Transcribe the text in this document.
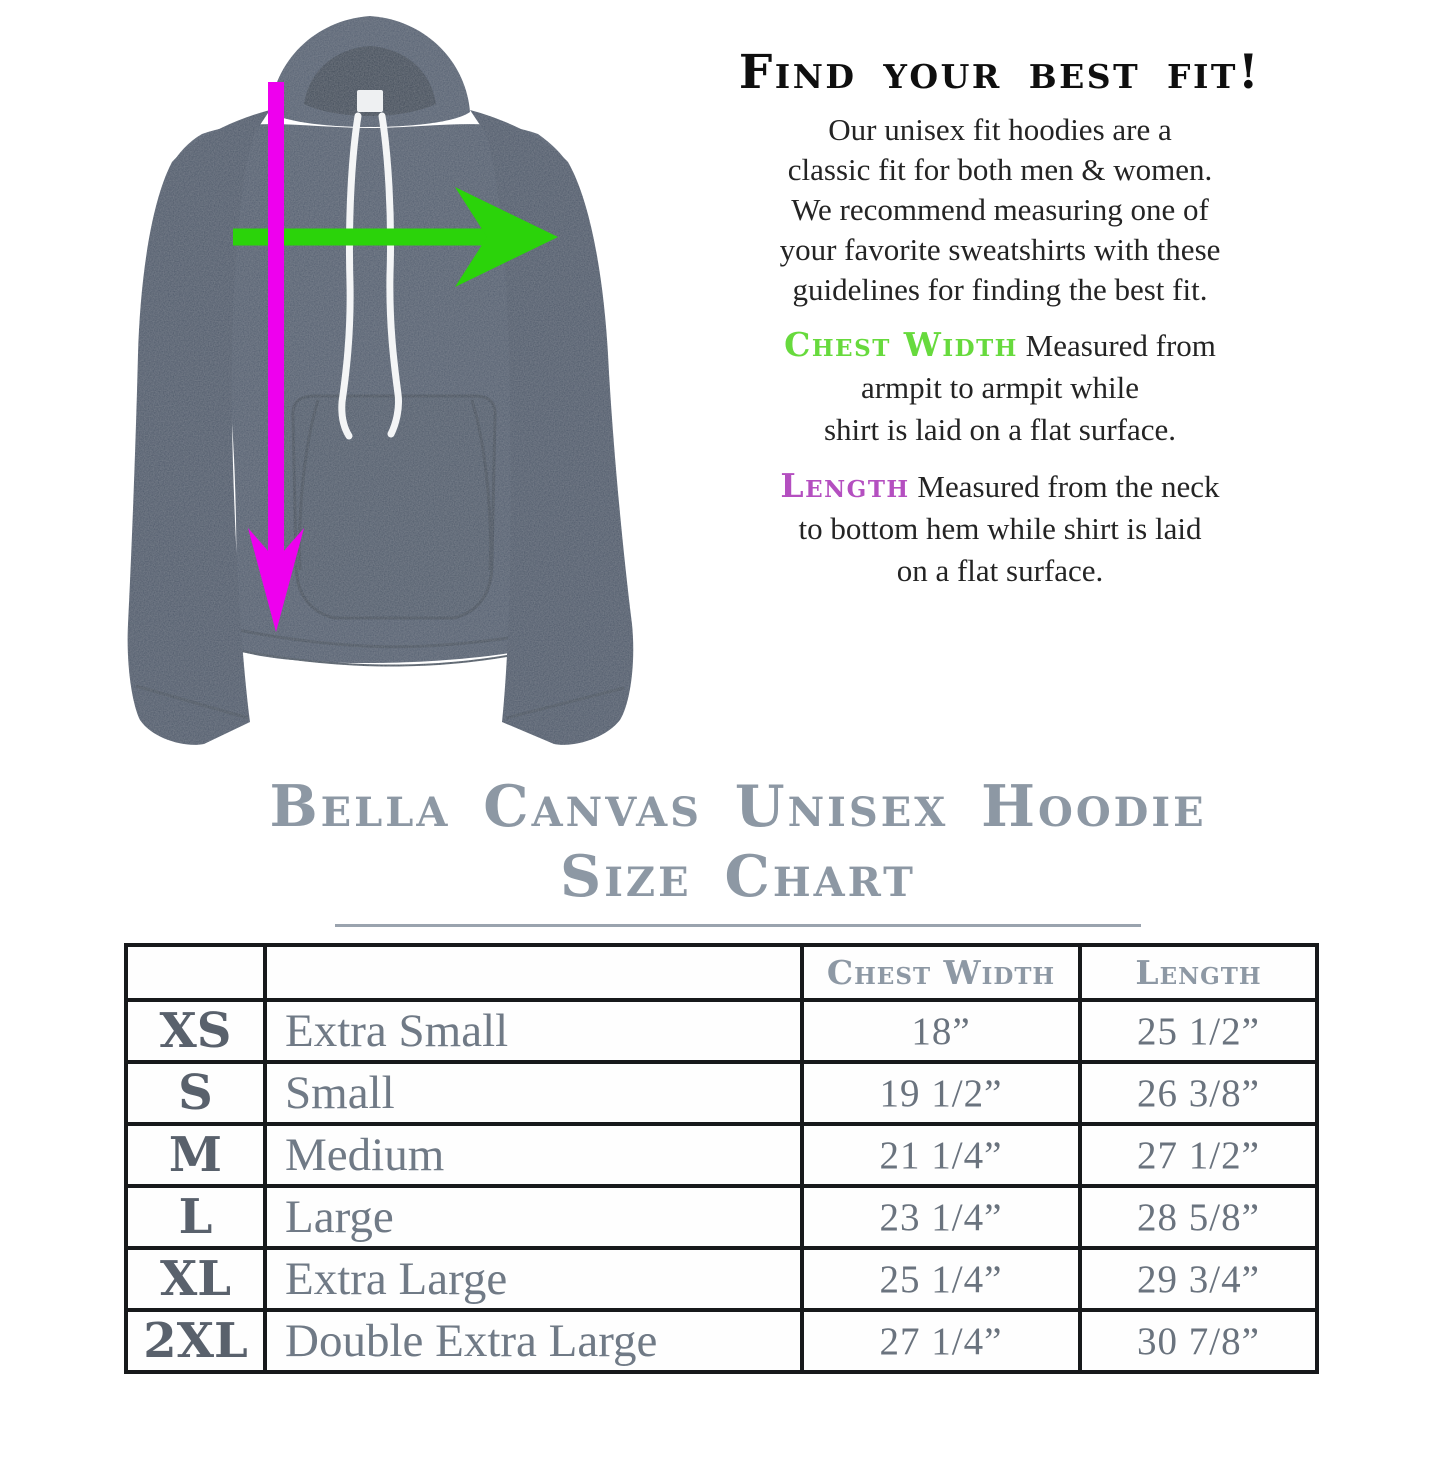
Find your best fit!
Our unisex fit hoodies are a
classic fit for both men & women.
We recommend measuring one of
your favorite sweatshirts with these
guidelines for finding the best fit.
Chest Width Measured from
armpit to armpit while
shirt is laid on a flat surface.
Length Measured from the neck
to bottom hem while shirt is laid
on a flat surface.
Bella Canvas Unisex Hoodie
Size Chart
		Chest Width	Length
XS	Extra Small	18”	25 1/2”
S	Small	19 1/2”	26 3/8”
M	Medium	21 1/4”	27 1/2”
L	Large	23 1/4”	28 5/8”
XL	Extra Large	25 1/4”	29 3/4”
2XL	Double Extra Large	27 1/4”	30 7/8”
